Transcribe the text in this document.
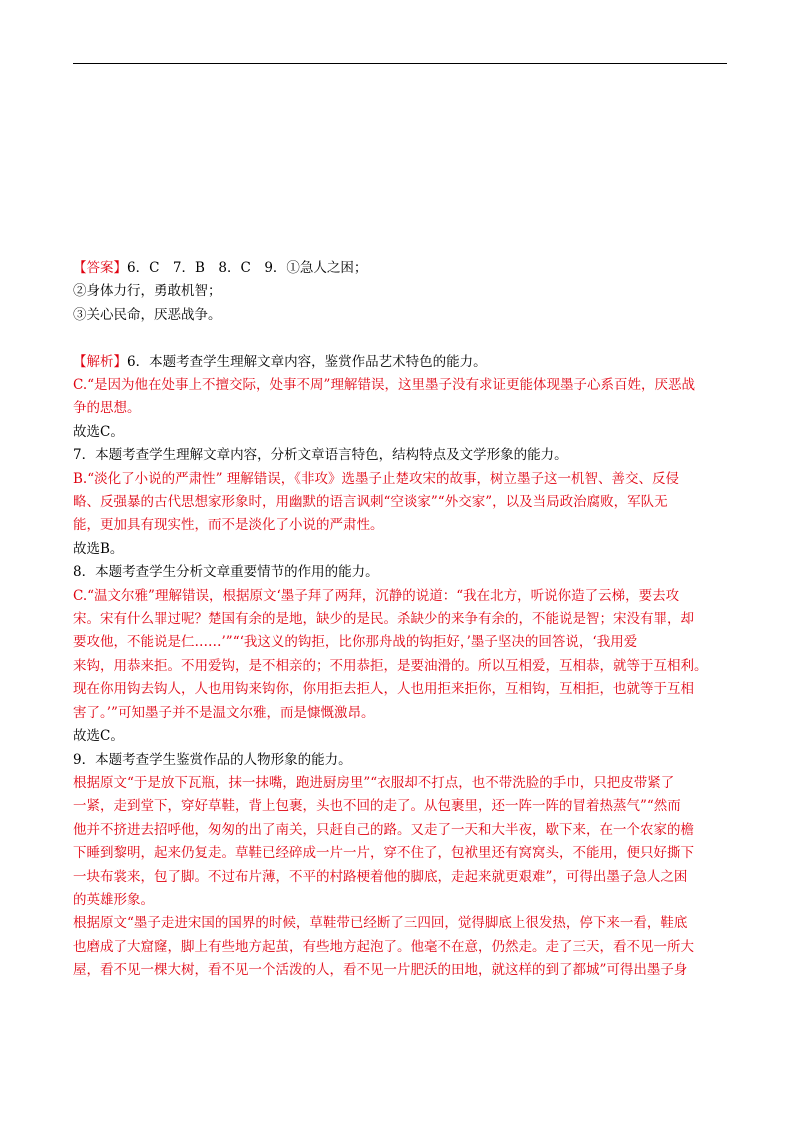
【答案】6．C　7．B　8．C　9．①急人之困；
②身体力行，勇敢机智；
③关心民命，厌恶战争。
【解析】6．本题考查学生理解文章内容，鉴赏作品艺术特色的能力。
C.“是因为他在处事上不擅交际，处事不周”理解错误，这里墨子没有求证更能体现墨子心系百姓，厌恶战
争的思想。
故选C。
7．本题考查学生理解文章内容，分析文章语言特色，结构特点及文学形象的能力。
B.“淡化了小说的严肃性” 理解错误，《非攻》选墨子止楚攻宋的故事，树立墨子这一机智、善交、反侵
略、反强暴的古代思想家形象时，用幽默的语言讽刺“空谈家”“外交家”，以及当局政治腐败，军队无
能，更加具有现实性，而不是淡化了小说的严肃性。
故选B。
8．本题考查学生分析文章重要情节的作用的能力。
C.“温文尔雅”理解错误，根据原文‘墨子拜了两拜，沉静的说道：“我在北方，听说你造了云梯，要去攻
宋。宋有什么罪过呢？楚国有余的是地，缺少的是民。杀缺少的来争有余的，不能说是智；宋没有罪，却
要攻他，不能说是仁……’”“‘我这义的钩拒，比你那舟战的钩拒好，’墨子坚决的回答说，‘我用爱
来钩，用恭来拒。不用爱钩，是不相亲的；不用恭拒，是要油滑的。所以互相爱，互相恭，就等于互相利。
现在你用钩去钩人，人也用钩来钩你，你用拒去拒人，人也用拒来拒你，互相钩，互相拒，也就等于互相
害了。’”可知墨子并不是温文尔雅，而是慷慨激昂。
故选C。
9．本题考查学生鉴赏作品的人物形象的能力。
根据原文“于是放下瓦瓶，抹一抹嘴，跑进厨房里”“衣服却不打点，也不带洗脸的手巾，只把皮带紧了
一紧，走到堂下，穿好草鞋，背上包裹，头也不回的走了。从包裹里，还一阵一阵的冒着热蒸气”“然而
他并不挤进去招呼他，匆匆的出了南关，只赶自己的路。又走了一天和大半夜，歇下来，在一个农家的檐
下睡到黎明，起来仍复走。草鞋已经碎成一片一片，穿不住了，包袱里还有窝窝头，不能用，便只好撕下
一块布裳来，包了脚。不过布片薄，不平的村路梗着他的脚底，走起来就更艰难”，可得出墨子急人之困
的英雄形象。
根据原文“墨子走进宋国的国界的时候，草鞋带已经断了三四回，觉得脚底上很发热，停下来一看，鞋底
也磨成了大窟窿，脚上有些地方起茧，有些地方起泡了。他毫不在意，仍然走。走了三天，看不见一所大
屋，看不见一棵大树，看不见一个活泼的人，看不见一片肥沃的田地，就这样的到了都城”可得出墨子身
